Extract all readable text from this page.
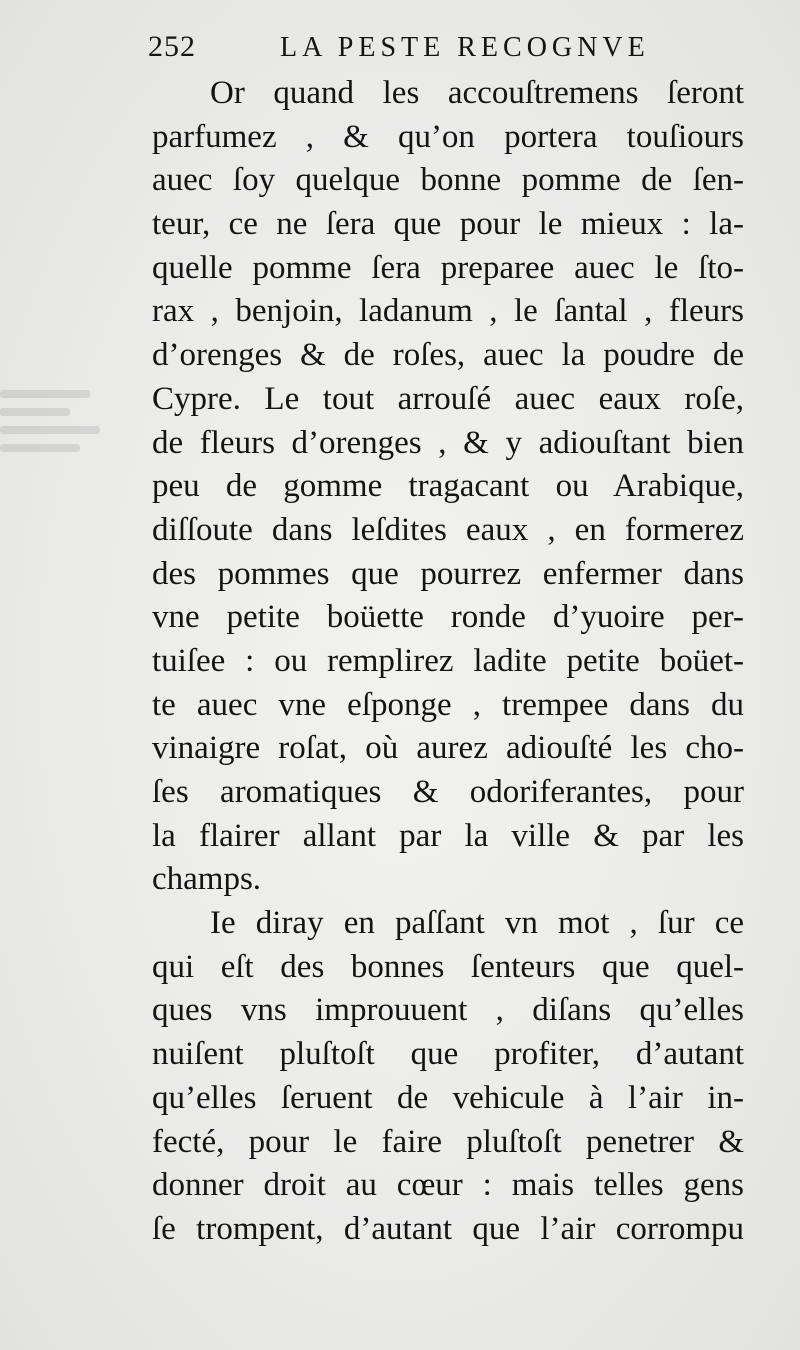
252	LA PESTE RECOGNVE
Or quand les accouſtremens ſeront
parfumez , & qu’on portera touſiours
auec ſoy quelque bonne pomme de ſen-
teur, ce ne ſera que pour le mieux : la-
quelle pomme ſera preparee auec le ſto-
rax , benjoin, ladanum , le ſantal , fleurs
d’orenges & de roſes, auec la poudre de
Cypre. Le tout arrouſé auec eaux roſe,
de fleurs d’orenges , & y adiouſtant bien
peu de gomme tragacant ou Arabique,
diſſoute dans leſdites eaux , en formerez
des pommes que pourrez enfermer dans
vne petite boüette ronde d’yuoire per-
tuiſee : ou remplirez ladite petite boüet-
te auec vne eſponge , trempee dans du
vinaigre roſat, où aurez adiouſté les cho-
ſes aromatiques & odoriferantes, pour
la flairer allant par la ville & par les
champs.
Ie diray en paſſant vn mot , ſur ce
qui eſt des bonnes ſenteurs que quel-
ques vns improuuent , diſans qu’elles
nuiſent pluſtoſt que profiter, d’autant
qu’elles ſeruent de vehicule à l’air in-
fecté, pour le faire pluſtoſt penetrer &
donner droit au cœur : mais telles gens
ſe trompent, d’autant que l’air corrompu
